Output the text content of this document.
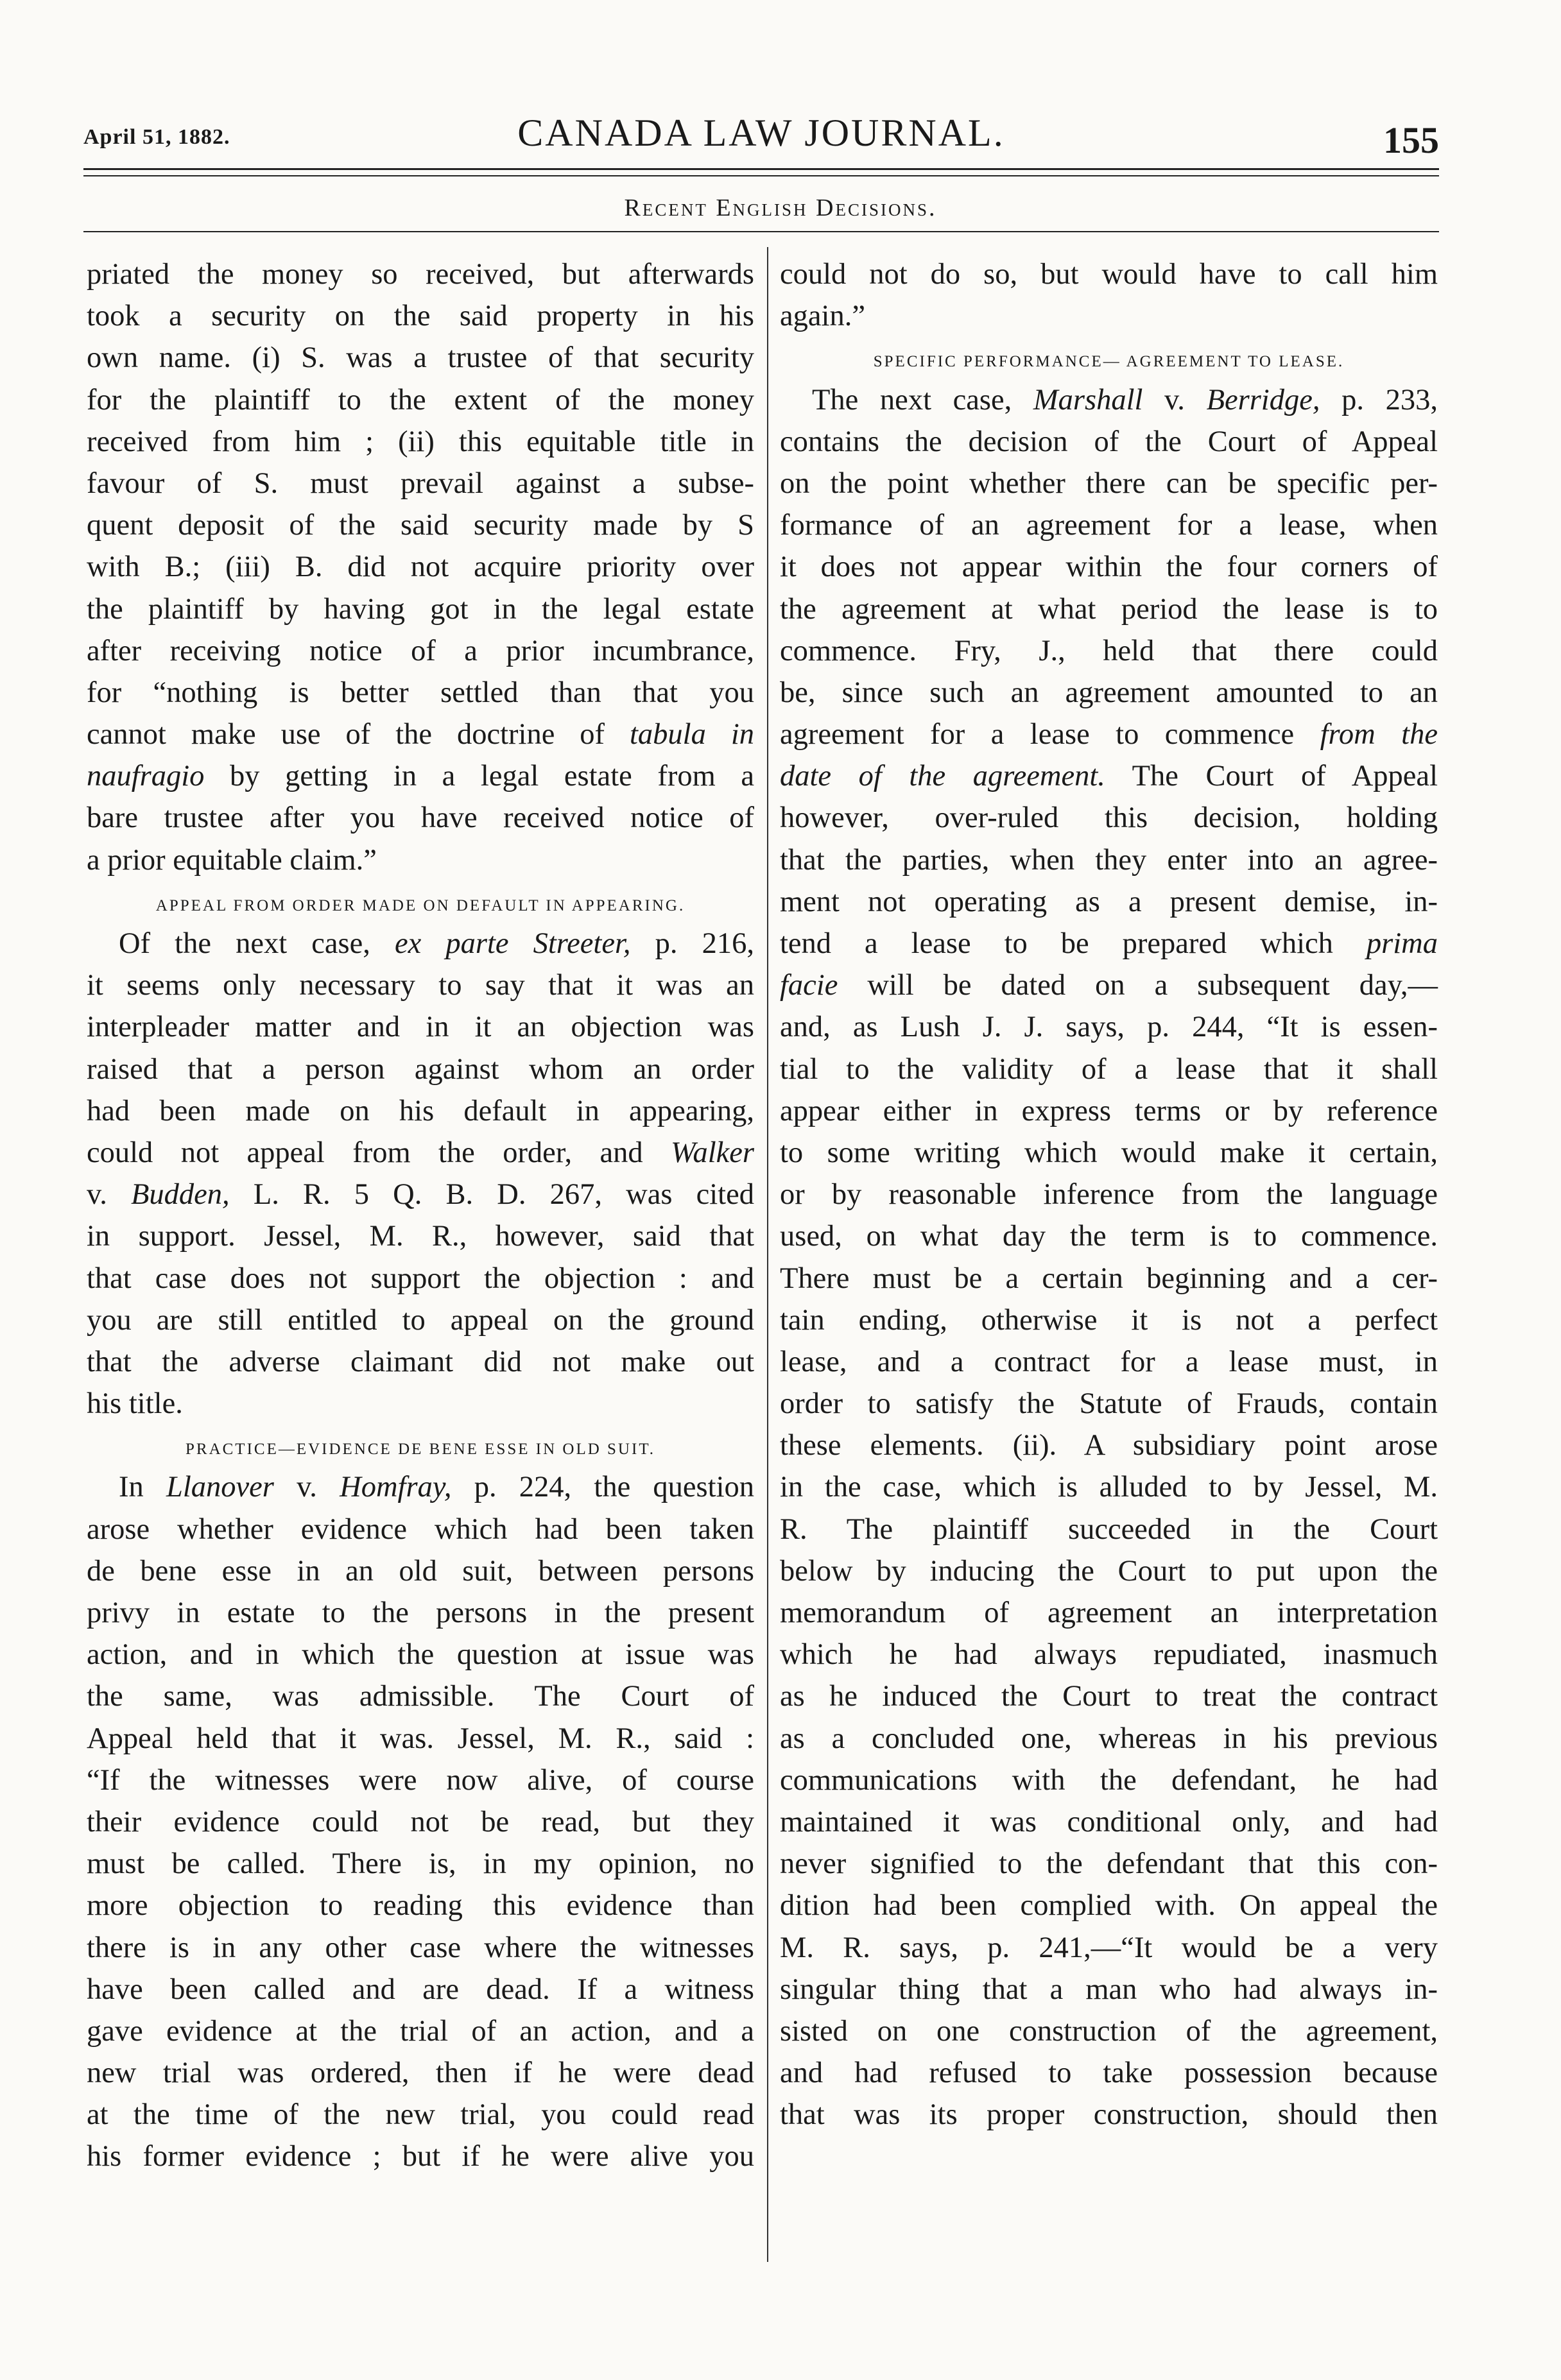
April 51, 1882.	CANADA LAW JOURNAL.	155
Recent English Decisions.
priated the money so received, but afterwards
took a security on the said property in his
own name. (i) S. was a trustee of that security
for the plaintiff to the extent of the money
received from him ; (ii) this equitable title in
favour of S. must prevail against a subse-
quent deposit of the said security made by S
with B.; (iii) B. did not acquire priority over
the plaintiff by having got in the legal estate
after receiving notice of a prior incumbrance,
for “nothing is better settled than that you
cannot make use of the doctrine of tabula in
naufragio by getting in a legal estate from a
bare trustee after you have received notice of
a prior equitable claim.”
APPEAL FROM ORDER MADE ON DEFAULT IN APPEARING.
Of the next case, ex parte Streeter, p. 216,
it seems only necessary to say that it was an
interpleader matter and in it an objection was
raised that a person against whom an order
had been made on his default in appearing,
could not appeal from the order, and Walker
v. Budden, L. R. 5 Q. B. D. 267, was cited
in support. Jessel, M. R., however, said that
that case does not support the objection : and
you are still entitled to appeal on the ground
that the adverse claimant did not make out
his title.
PRACTICE—EVIDENCE DE BENE ESSE IN OLD SUIT.
In Llanover v. Homfray, p. 224, the question
arose whether evidence which had been taken
de bene esse in an old suit, between persons
privy in estate to the persons in the present
action, and in which the question at issue was
the same, was admissible. The Court of
Appeal held that it was. Jessel, M. R., said :
“If the witnesses were now alive, of course
their evidence could not be read, but they
must be called. There is, in my opinion, no
more objection to reading this evidence than
there is in any other case where the witnesses
have been called and are dead. If a witness
gave evidence at the trial of an action, and a
new trial was ordered, then if he were dead
at the time of the new trial, you could read
his former evidence ; but if he were alive you
could not do so, but would have to call him
again.”
SPECIFIC PERFORMANCE— AGREEMENT TO LEASE.
The next case, Marshall v. Berridge, p. 233,
contains the decision of the Court of Appeal
on the point whether there can be specific per-
formance of an agreement for a lease, when
it does not appear within the four corners of
the agreement at what period the lease is to
commence. Fry, J., held that there could
be, since such an agreement amounted to an
agreement for a lease to commence from the
date of the agreement. The Court of Appeal
however, over-ruled this decision, holding
that the parties, when they enter into an agree-
ment not operating as a present demise, in-
tend a lease to be prepared which prima
facie will be dated on a subsequent day,—
and, as Lush J. J. says, p. 244, “It is essen-
tial to the validity of a lease that it shall
appear either in express terms or by reference
to some writing which would make it certain,
or by reasonable inference from the language
used, on what day the term is to commence.
There must be a certain beginning and a cer-
tain ending, otherwise it is not a perfect
lease, and a contract for a lease must, in
order to satisfy the Statute of Frauds, contain
these elements. (ii). A subsidiary point arose
in the case, which is alluded to by Jessel, M.
R. The plaintiff succeeded in the Court
below by inducing the Court to put upon the
memorandum of agreement an interpretation
which he had always repudiated, inasmuch
as he induced the Court to treat the contract
as a concluded one, whereas in his previous
communications with the defendant, he had
maintained it was conditional only, and had
never signified to the defendant that this con-
dition had been complied with. On appeal the
M. R. says, p. 241,—“It would be a very
singular thing that a man who had always in-
sisted on one construction of the agreement,
and had refused to take possession because
that was its proper construction, should then
